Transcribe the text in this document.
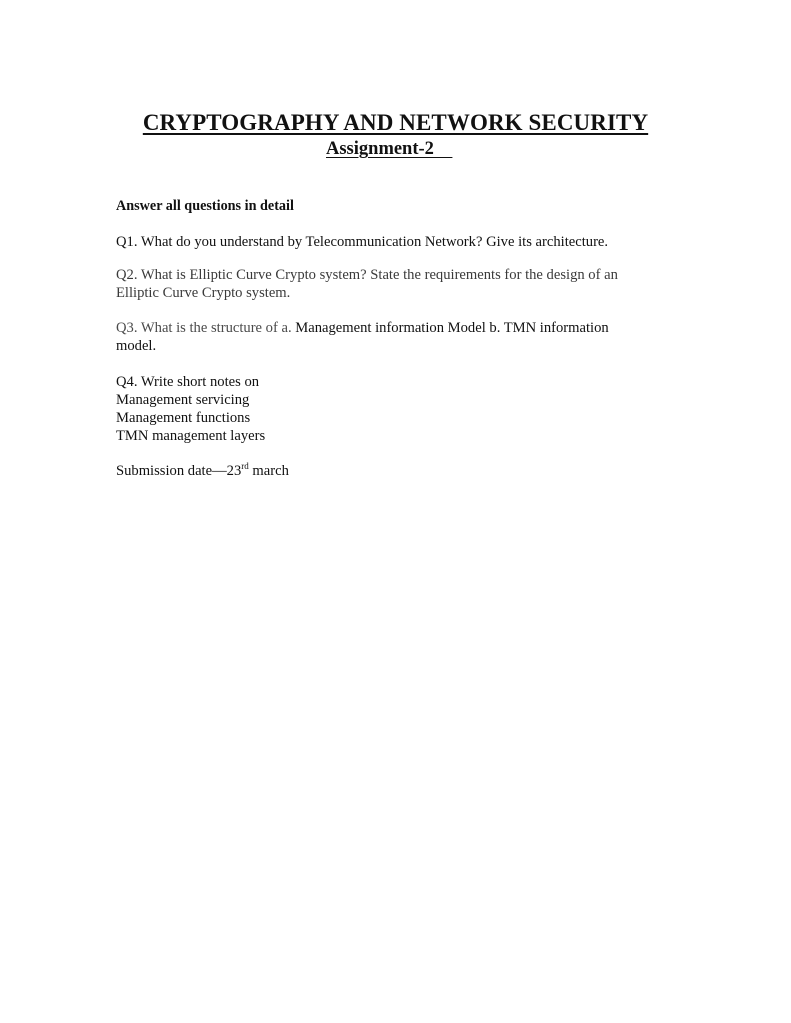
CRYPTOGRAPHY AND NETWORK SECURITY
Assignment-2
Answer all questions in detail
Q1. What do you understand by Telecommunication Network? Give its architecture.
Q2. What is Elliptic Curve Crypto system? State the requirements for the design of an
Elliptic Curve Crypto system.
Q3. What is the structure of a. Management information Model b. TMN information
model.
Q4. Write short notes on
Management servicing
Management functions
TMN management layers
Submission date—23rd march
